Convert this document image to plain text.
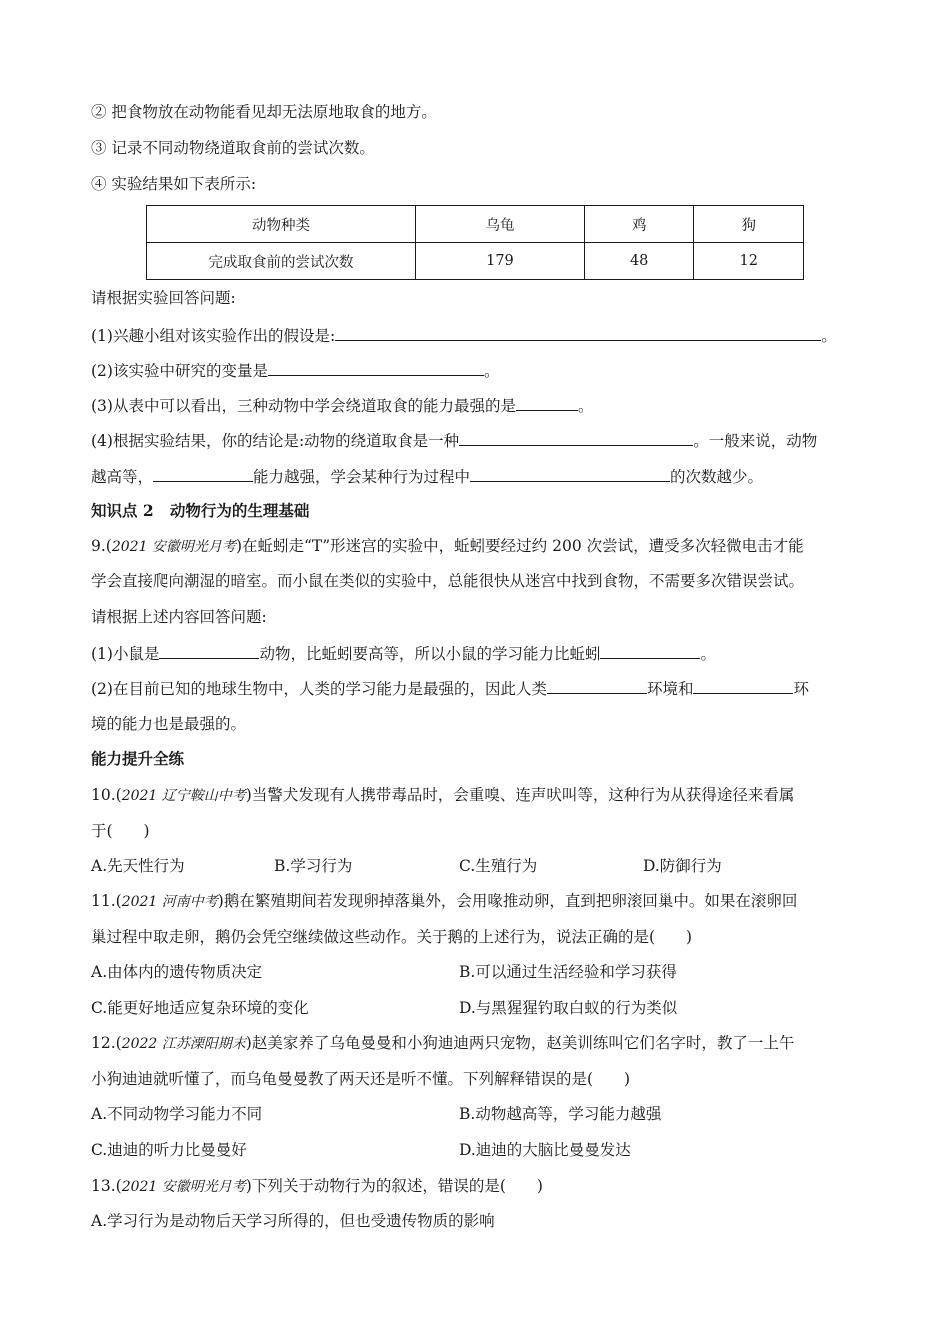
② 把食物放在动物能看见却无法原地取食的地方。
③ 记录不同动物绕道取食前的尝试次数。
④ 实验结果如下表所示:
动物种类	乌龟	鸡	狗
完成取食前的尝试次数	179	48	12
请根据实验回答问题:
(1)兴趣小组对该实验作出的假设是:	。
(2)该实验中研究的变量是	。
(3)从表中可以看出，三种动物中学会绕道取食的能力最强的是	。
(4)根据实验结果，你的结论是:动物的绕道取食是一种	。一般来说，动物
越高等，	能力越强，学会某种行为过程中	的次数越少。
知识点 2 动物行为的生理基础
9.(2021 安徽明光月考)在蚯蚓走“T”形迷宫的实验中，蚯蚓要经过约 200 次尝试，遭受多次轻微电击才能
学会直接爬向潮湿的暗室。而小鼠在类似的实验中，总能很快从迷宫中找到食物，不需要多次错误尝试。
请根据上述内容回答问题:
(1)小鼠是	动物，比蚯蚓要高等，所以小鼠的学习能力比蚯蚓	。
(2)在目前已知的地球生物中，人类的学习能力是最强的，因此人类	环境和	环
境的能力也是最强的。
能力提升全练
10.(2021 辽宁鞍山中考)当警犬发现有人携带毒品时，会重嗅、连声吠叫等，这种行为从获得途径来看属
于(　　)
A.先天性行为	B.学习行为	C.生殖行为	D.防御行为
11.(2021 河南中考)鹅在繁殖期间若发现卵掉落巢外，会用喙推动卵，直到把卵滚回巢中。如果在滚卵回
巢过程中取走卵，鹅仍会凭空继续做这些动作。关于鹅的上述行为，说法正确的是(　　)
A.由体内的遗传物质决定	B.可以通过生活经验和学习获得
C.能更好地适应复杂环境的变化	D.与黑猩猩钓取白蚁的行为类似
12.(2022 江苏溧阳期末)赵美家养了乌龟曼曼和小狗迪迪两只宠物，赵美训练叫它们名字时，教了一上午
小狗迪迪就听懂了，而乌龟曼曼教了两天还是听不懂。下列解释错误的是(　　)
A.不同动物学习能力不同	B.动物越高等，学习能力越强
C.迪迪的听力比曼曼好	D.迪迪的大脑比曼曼发达
13.(2021 安徽明光月考)下列关于动物行为的叙述，错误的是(　　)
A.学习行为是动物后天学习所得的，但也受遗传物质的影响
